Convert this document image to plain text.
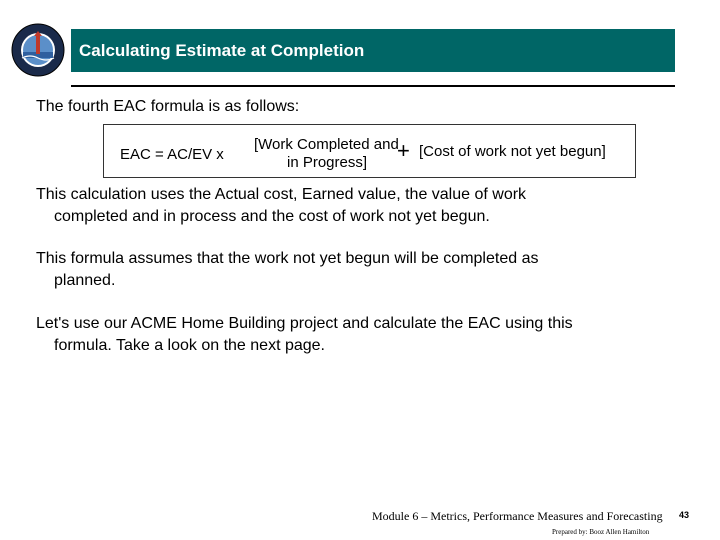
Calculating Estimate at Completion
The fourth EAC formula is as follows:
EAC = AC/EV x
[Work Completed and
in Progress] + [Cost of work not yet begun]
This calculation uses the Actual cost, Earned value, the value of work
completed and in process and the cost of work not yet begun.
This formula assumes that the work not yet begun will be completed as
planned.
Let's use our ACME Home Building project and calculate the EAC using this
formula. Take a look on the next page.
Module 6 – Metrics, Performance Measures and Forecasting
Prepared by: Booz Allen Hamilton
43
